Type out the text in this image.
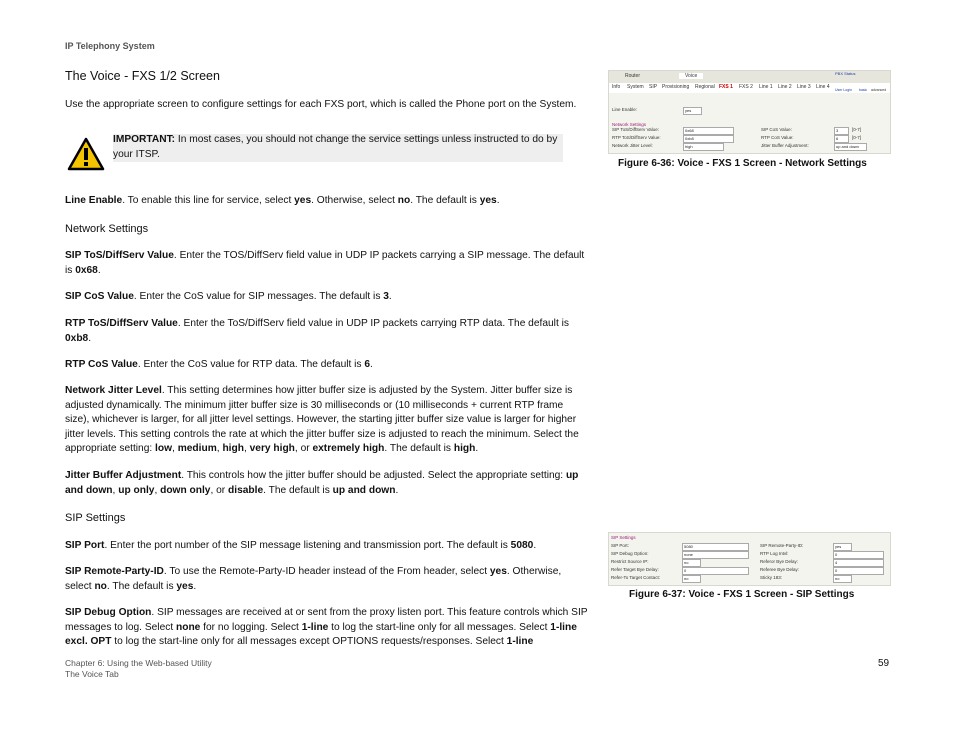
IP Telephony System
The Voice - FXS 1/2 Screen
Use the appropriate screen to configure settings for each FXS port, which is called the Phone port on the System.
IMPORTANT: In most cases, you should not change the service settings unless instructed to do by your ITSP.
Line Enable. To enable this line for service, select yes. Otherwise, select no. The default is yes.
Network Settings
SIP ToS/DiffServ Value. Enter the TOS/DiffServ field value in UDP IP packets carrying a SIP message. The default is 0x68.
SIP CoS Value. Enter the CoS value for SIP messages. The default is 3.
RTP ToS/DiffServ Value. Enter the ToS/DiffServ field value in UDP IP packets carrying RTP data. The default is 0xb8.
RTP CoS Value. Enter the CoS value for RTP data. The default is 6.
Network Jitter Level. This setting determines how jitter buffer size is adjusted by the System. Jitter buffer size is adjusted dynamically. The minimum jitter buffer size is 30 milliseconds or (10 milliseconds + current RTP frame size), whichever is larger, for all jitter level settings. However, the starting jitter buffer size value is larger for higher jitter levels. This setting controls the rate at which the jitter buffer size is adjusted to reach the minimum. Select the appropriate setting: low, medium, high, very high, or extremely high. The default is high.
Jitter Buffer Adjustment. This controls how the jitter buffer should be adjusted. Select the appropriate setting: up and down, up only, down only, or disable. The default is up and down.
SIP Settings
SIP Port. Enter the port number of the SIP message listening and transmission port. The default is 5080.
SIP Remote-Party-ID. To use the Remote-Party-ID header instead of the From header, select yes. Otherwise, select no. The default is yes.
SIP Debug Option. SIP messages are received at or sent from the proxy listen port. This feature controls which SIP messages to log. Select none for no logging. Select 1-line to log the start-line only for all messages. Select 1-line excl. OPT to log the start-line only for all messages except OPTIONS requests/responses. Select 1-line
Router	Voice	PBX Status
Info System SIP Provisioning Regional FXS 1 FXS 2 Line 1 Line 2 Line 3 Line 4 User Login basic advanced
Line Enable:	yes
Network Settings
SIP ToS/DiffServ Value:	0x68	SIP CoS Value:	3	[0-7]
RTP ToS/DiffServ Value:	0xb8	RTP CoS Value:	6	[0-7]
Network Jitter Level:	high	Jitter Buffer Adjustment:	up and down
Figure 6-36: Voice - FXS 1 Screen - Network Settings
SIP Settings
SIP Port:	5080	SIP Remote-Party-ID:	yes
SIP Debug Option:	none	RTP Log Intvl:	0
Restrict Source IP:	no	Referor Bye Delay:	4
Refer Target Bye Delay:	0	Referee Bye Delay:	0
Refer-To Target Contact:	no	Sticky 183:	no
Figure 6-37: Voice - FXS 1 Screen - SIP Settings
Chapter 6: Using the Web-based Utility
The Voice Tab
59
